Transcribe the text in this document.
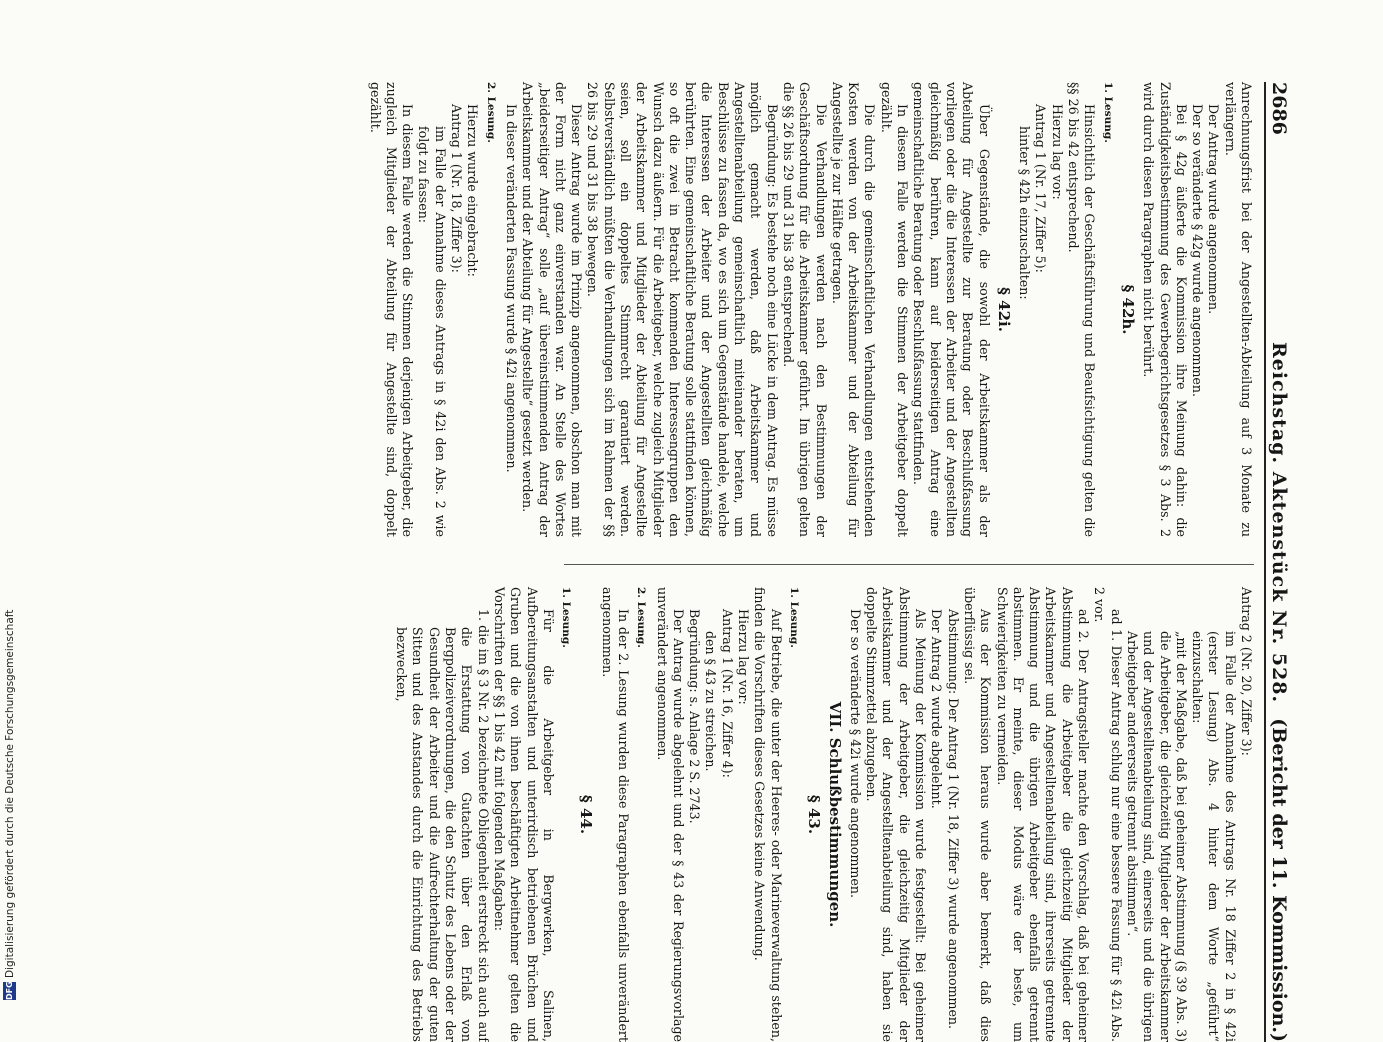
2686
Reichstag. Aktenstück Nr. 528.
(Bericht der 11. Kommission.)

Anrechnungsfrist bei der Angestellten-Abteilung auf 3 Monate zu verlängern.

Der Antrag wurde angenommen.

Der so veränderte § 42g wurde angenommen.

Bei § 42g äußerte die Kommission ihre Meinung dahin: die Zuständigkeitsbestimmung des Gewerbegerichtsgesetzes § 3 Abs. 2 wird durch diesen Paragraphen nicht berührt.

§ 42h.
1. Lesung.

Hinsichtlich der Geschäftsführung und Beaufsichtigung gelten die §§ 26 bis 42 entsprechend.

Hierzu lag vor:

Antrag 1 (Nr. 17, Ziffer 5):

hinter § 42h einzuschalten:

§ 42i.

Über Gegenstände, die sowohl der Arbeitskammer als der Abteilung für Angestellte zur Beratung oder Beschlußfassung vorliegen oder die die Interessen der Arbeiter und der Angestellten gleichmäßig berühren, kann auf beiderseitigen Antrag eine gemeinschaftliche Beratung oder Beschlußfassung stattfinden.

In diesem Falle werden die Stimmen der Arbeitgeber doppelt gezählt.

Die durch die gemeinschaftlichen Verhandlungen entstehenden Kosten werden von der Arbeitskammer und der Abteilung für Angestellte je zur Hälfte getragen.

Die Verhandlungen werden nach den Bestimmungen der Geschäftsordnung für die Arbeitskammer geführt. Im übrigen gelten die §§ 26 bis 29 und 31 bis 38 entsprechend.

Begründung: Es bestehe noch eine Lücke in dem Antrag. Es müsse möglich gemacht werden, daß Arbeitskammer und Angestelltenabteilung gemeinschaftlich miteinander beraten, um Beschlüsse zu fassen da, wo es sich um Gegenstände handele, welche die Interessen der Arbeiter und der Angestellten gleichmäßig berührten. Eine gemeinschaftliche Beratung solle stattfinden können, so oft die zwei in Betracht kommenden Interessengruppen den Wunsch dazu äußern. Für die Arbeitgeber, welche zugleich Mitglieder der Arbeitskammer und Mitglieder der Abteilung für Angestellte seien, soll ein doppeltes Stimmrecht garantiert werden. Selbstverständlich müßten die Verhandlungen sich im Rahmen der §§ 26 bis 29 und 31 bis 38 bewegen.

Dieser Antrag wurde im Prinzip angenommen, obschon man mit der Form nicht ganz einverstanden war. An Stelle des Wortes „beiderseitiger Antrag“ solle „auf übereinstimmenden Antrag der Arbeitskammer und der Abteilung für Angestellte“ gesetzt werden.

In dieser veränderten Fassung wurde § 42i angenommen.

2. Lesung.

Hierzu wurde eingebracht:

Antrag 1 (Nr. 18, Ziffer 3):

im Falle der Annahme dieses Antrags in § 42i den Abs. 2 wie folgt zu fassen:

In diesem Falle werden die Stimmen derjenigen Arbeitgeber, die zugleich Mitglieder der Abteilung für Angestellte sind, doppelt gezählt.

Antrag 2 (Nr. 20, Ziffer 3):

im Falle der Annahme des Antrags Nr. 18 Ziffer 2 in § 42i (erster Lesung) Abs. 4 hinter dem Worte „geführt“ einzuschalten:

„mit der Maßgabe, daß bei geheimer Abstimmung (§ 39 Abs. 3) die Arbeitgeber, die gleichzeitig Mitglieder der Arbeitskammer und der Angestelltenabteilung sind, einerseits und die übrigen Arbeitgeber andererseits getrennt abstimmen“.

ad 1. Dieser Antrag schlug nur eine bessere Fassung für § 42i Abs. 2 vor.

ad 2. Der Antragsteller machte den Vorschlag, daß bei geheimer Abstimmung die Arbeitgeber die gleichzeitig Mitglieder der Arbeitskammer und Angestelltenabteilung sind, ihrerseits getrennte Abstimmung und die übrigen Arbeitgeber ebenfalls getrennt abstimmen. Er meinte, dieser Modus wäre der beste, um Schwierigkeiten zu vermeiden.

Aus der Kommission heraus wurde aber bemerkt, daß dies überflüssig sei.

Abstimmung: Der Antrag 1 (Nr. 18, Ziffer 3) wurde angenommen.

Der Antrag 2 wurde abgelehnt.

Als Meinung der Kommission wurde festgestellt: Bei geheimer Abstimmung der Arbeitgeber, die gleichzeitig Mitglieder der Arbeitskammer und der Angestelltenabteilung sind, haben sie doppelte Stimmzettel abzugeben.

Der so veränderte § 42i wurde angenommen.

VII. Schlußbestimmungen.
§ 43.
1. Lesung.

Auf Betriebe, die unter der Heeres- oder Marineverwaltung stehen, finden die Vorschriften dieses Gesetzes keine Anwendung.

Hierzu lag vor:

Antrag 1 (Nr. 16, Ziffer 4):

den § 43 zu streichen.

Begründung: s. Anlage 2 S. 2743.

Der Antrag wurde abgelehnt und der § 43 der Regierungsvorlage unverändert angenommen.

2. Lesung.

In der 2. Lesung wurden diese Paragraphen ebenfalls unverändert angenommen.

§ 44.
1. Lesung.

Für die Arbeitgeber in Bergwerken, Salinen, Aufbereitungsanstalten und unterirdisch betriebenen Brüchen und Gruben und die von ihnen beschäftigten Arbeitnehmer gelten die Vorschriften der §§ 1 bis 42 mit folgenden Maßgaben:

1. die im § 3 Nr. 2 bezeichnete Obliegenheit erstreckt sich auch auf die Erstattung von Gutachten über den Erlaß von Bergpolizeiverordnungen, die den Schutz des Lebens oder der Gesundheit der Arbeiter und die Aufrechterhaltung der guten Sitten und des Anstandes durch die Einrichtung des Betriebs bezwecken,

DFG
Digitalisierung gefördert durch die Deutsche Forschungsgemeinschaft
